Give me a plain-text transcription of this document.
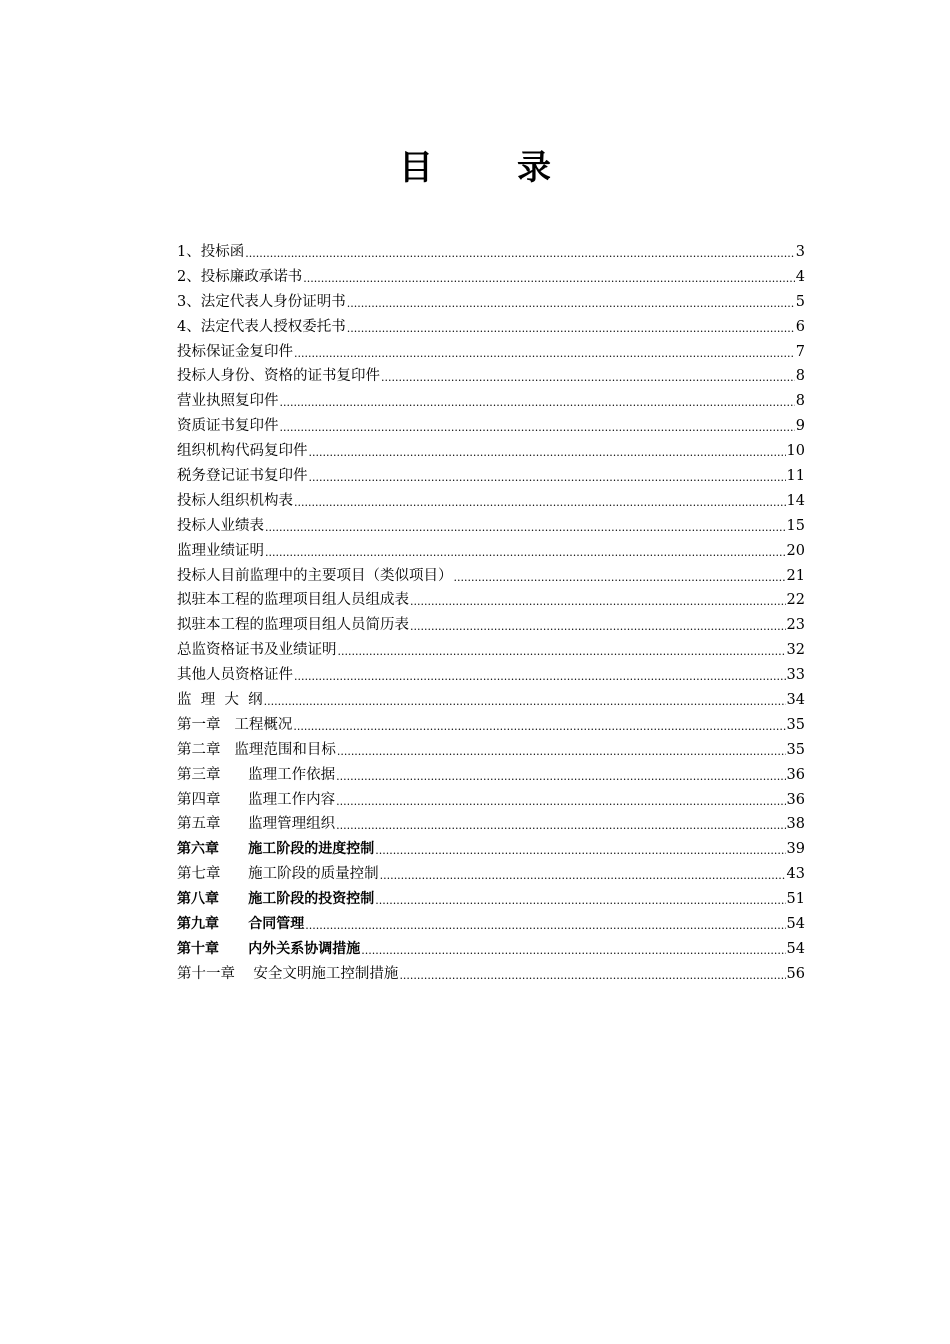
目 录
1、投标函 .....	3
2、投标廉政承诺书 .....	4
3、法定代表人身份证明书 .....	5
4、法定代表人授权委托书 .....	6
投标保证金复印件 .....	7
投标人身份、资格的证书复印件 .....	8
营业执照复印件 .....	8
资质证书复印件 .....	9
组织机构代码复印件 .....	10
税务登记证书复印件 .....	11
投标人组织机构表 .....	14
投标人业绩表 .....	15
监理业绩证明 .....	20
投标人目前监理中的主要项目（类似项目） .....	21
拟驻本工程的监理项目组人员组成表 .....	22
拟驻本工程的监理项目组人员简历表 .....	23
总监资格证书及业绩证明 .....	32
其他人员资格证件 .....	33
监  理  大  纲 .....	34
第一章   工程概况 .....	35
第二章   监理范围和目标 .....	35
第三章      监理工作依据 .....	36
第四章      监理工作内容 .....	36
第五章      监理管理组织 .....	38
第六章      施工阶段的进度控制 .....	39
第七章      施工阶段的质量控制 .....	43
第八章      施工阶段的投资控制 .....	51
第九章      合同管理 .....	54
第十章      内外关系协调措施 .....	54
第十一章    安全文明施工控制措施 .....	56
